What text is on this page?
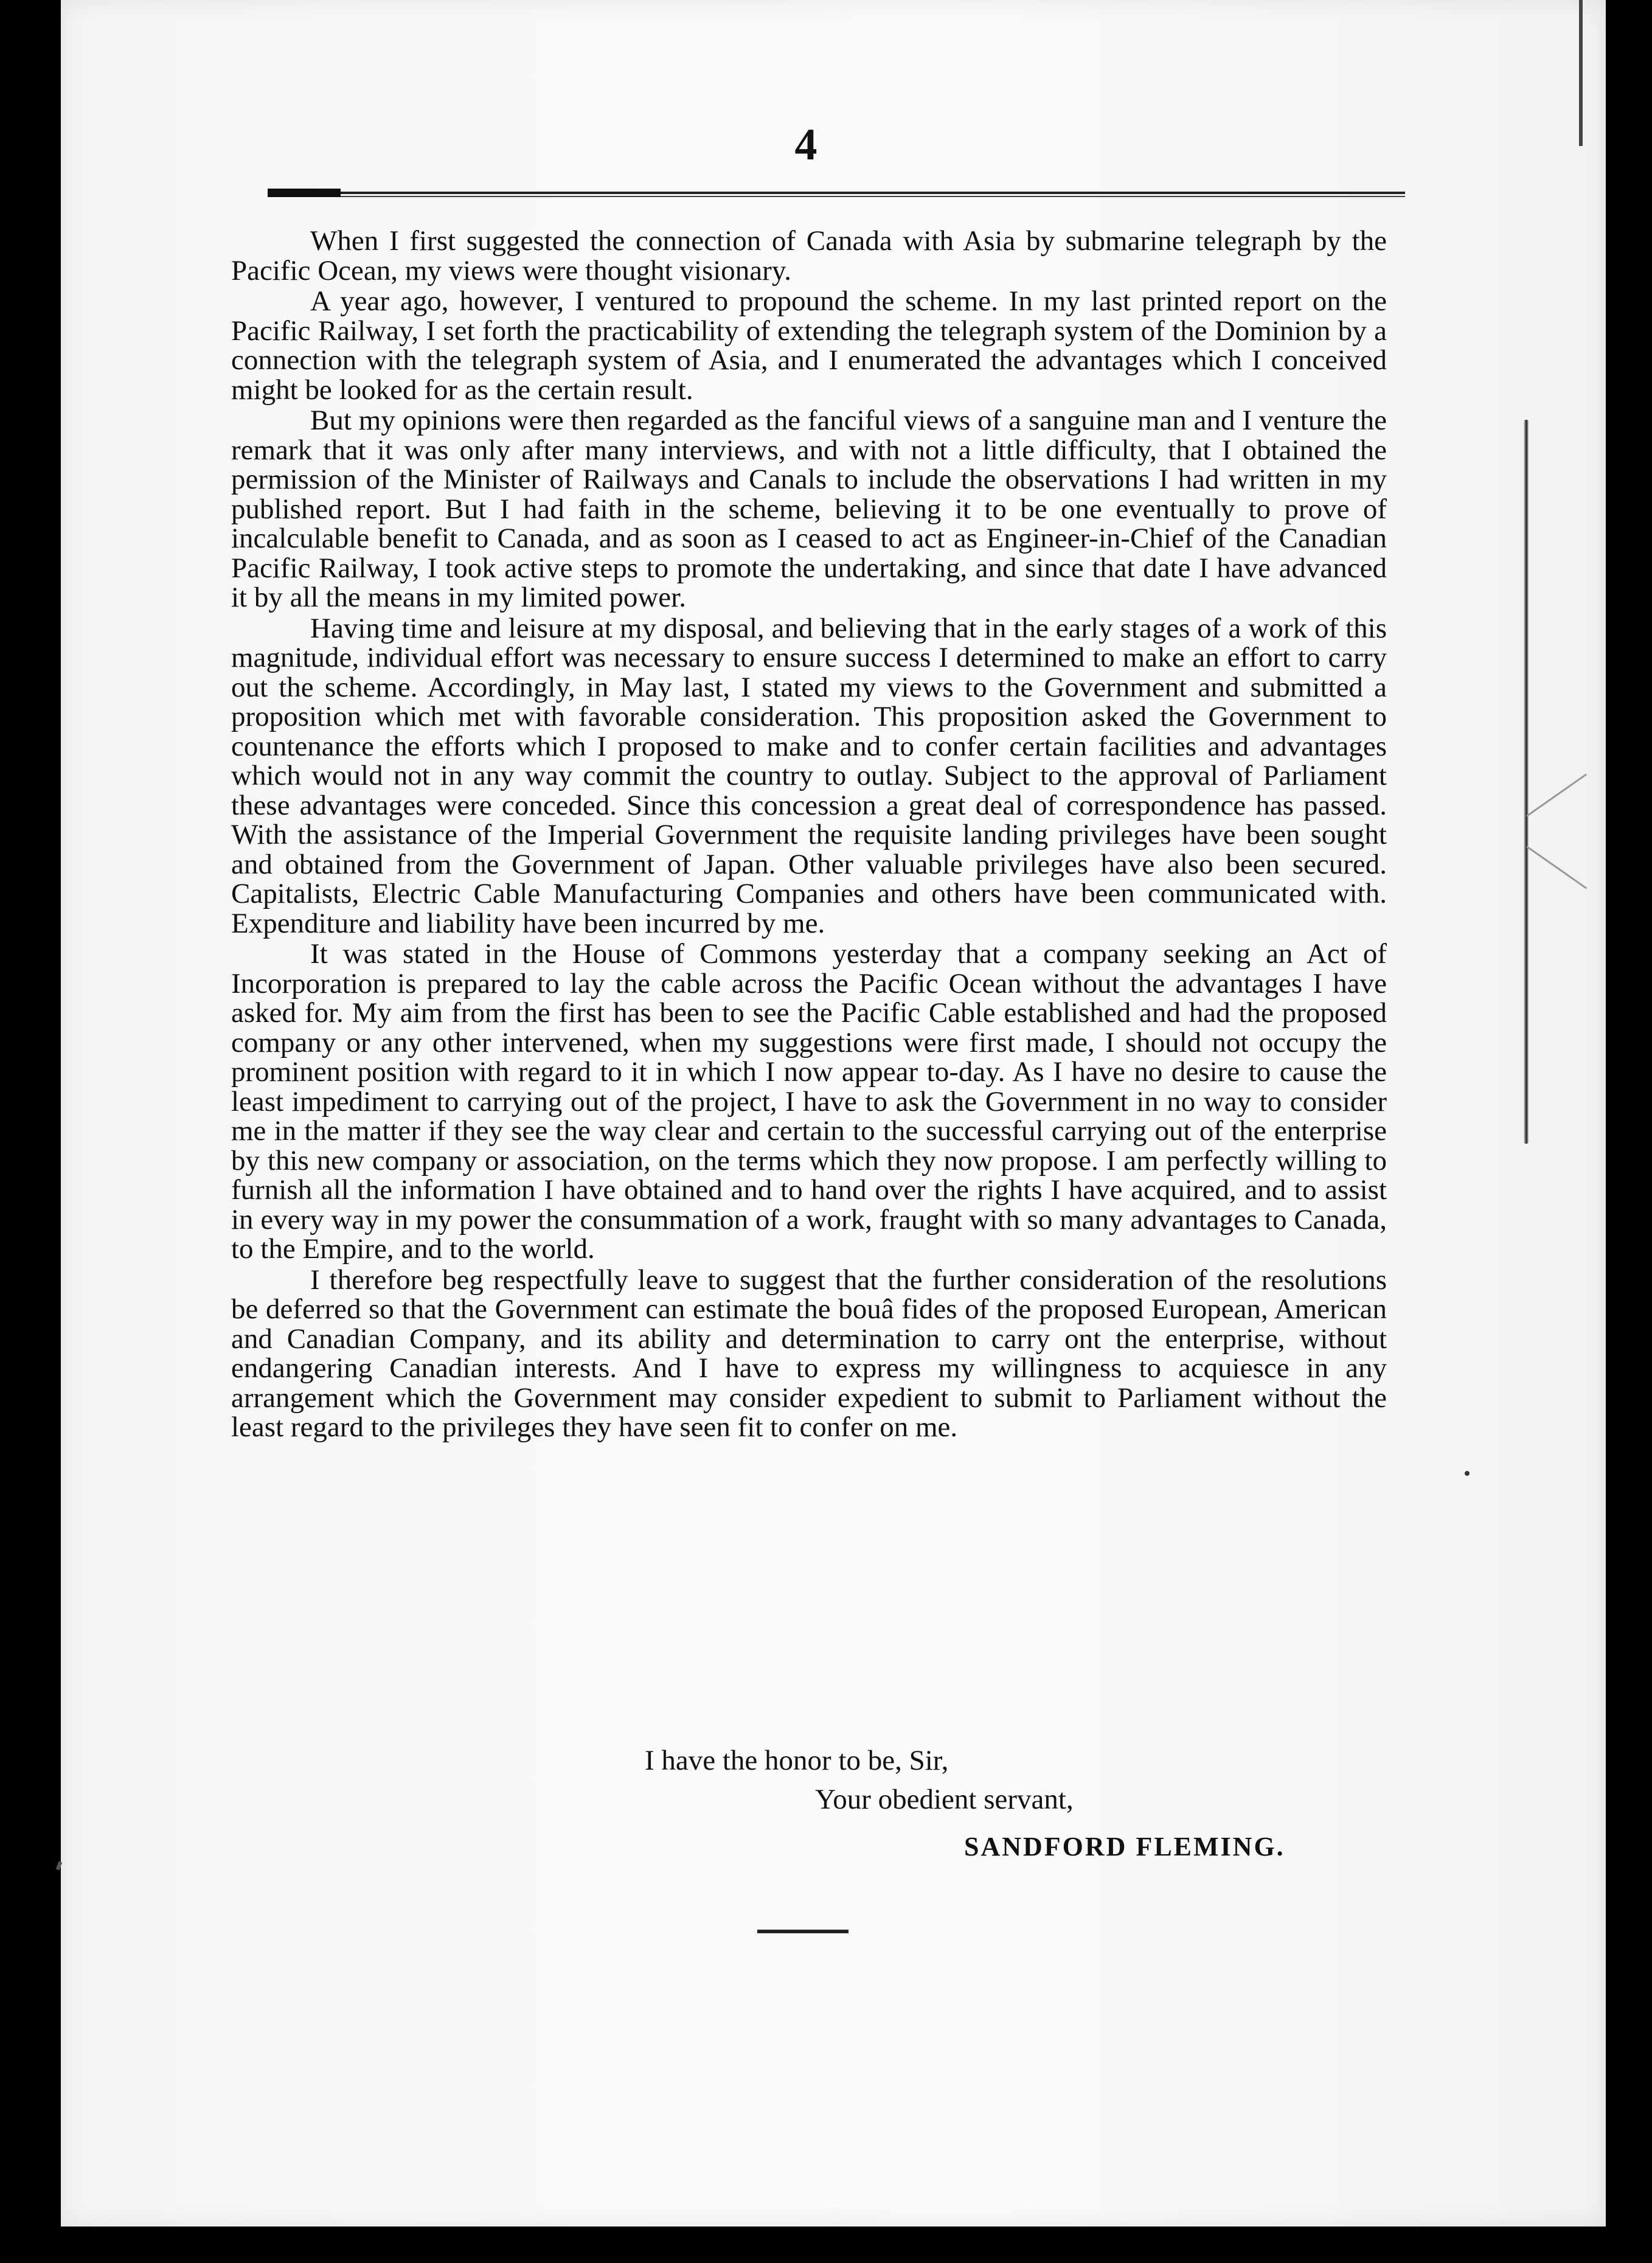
4

When I first suggested the connection of Canada with Asia by submarine telegraph by the Pacific Ocean, my views were thought visionary.

A year ago, however, I ventured to propound the scheme. In my last printed report on the Pacific Railway, I set forth the practicability of extending the telegraph system of the Dominion by a connection with the telegraph system of Asia, and I enumerated the advantages which I conceived might be looked for as the certain result.

But my opinions were then regarded as the fanciful views of a sanguine man and I venture the remark that it was only after many interviews, and with not a little difficulty, that I obtained the permission of the Minister of Railways and Canals to include the observations I had written in my published report. But I had faith in the scheme, believing it to be one eventually to prove of incalculable benefit to Canada, and as soon as I ceased to act as Engineer-in-Chief of the Canadian Pacific Railway, I took active steps to promote the undertaking, and since that date I have advanced it by all the means in my limited power.

Having time and leisure at my disposal, and believing that in the early stages of a work of this magnitude, individual effort was necessary to ensure success I determined to make an effort to carry out the scheme. Accordingly, in May last, I stated my views to the Government and submitted a proposition which met with favorable consideration. This proposition asked the Government to countenance the efforts which I proposed to make and to confer certain facilities and advantages which would not in any way commit the country to outlay. Subject to the approval of Parliament these advantages were conceded. Since this concession a great deal of correspondence has passed. With the assistance of the Imperial Government the requisite landing privileges have been sought and obtained from the Government of Japan. Other valuable privileges have also been secured. Capitalists, Electric Cable Manufacturing Companies and others have been communicated with. Expenditure and liability have been incurred by me.

It was stated in the House of Commons yesterday that a company seeking an Act of Incorporation is prepared to lay the cable across the Pacific Ocean without the advantages I have asked for. My aim from the first has been to see the Pacific Cable established and had the proposed company or any other intervened, when my suggestions were first made, I should not occupy the prominent position with regard to it in which I now appear to-day. As I have no desire to cause the least impediment to carrying out of the project, I have to ask the Government in no way to consider me in the matter if they see the way clear and certain to the successful carrying out of the enterprise by this new company or association, on the terms which they now propose. I am perfectly willing to furnish all the information I have obtained and to hand over the rights I have acquired, and to assist in every way in my power the consummation of a work, fraught with so many advantages to Canada, to the Empire, and to the world.

I therefore beg respectfully leave to suggest that the further consideration of the resolutions be deferred so that the Government can estimate the bouâ fides of the proposed European, American and Canadian Company, and its ability and determination to carry ont the enterprise, without endangering Canadian interests. And I have to express my willingness to acquiesce in any arrangement which the Government may consider expedient to submit to Parliament without the least regard to the privileges they have seen fit to confer on me.

I have the honor to be, Sir,
Your obedient servant,
SANDFORD FLEMING.
